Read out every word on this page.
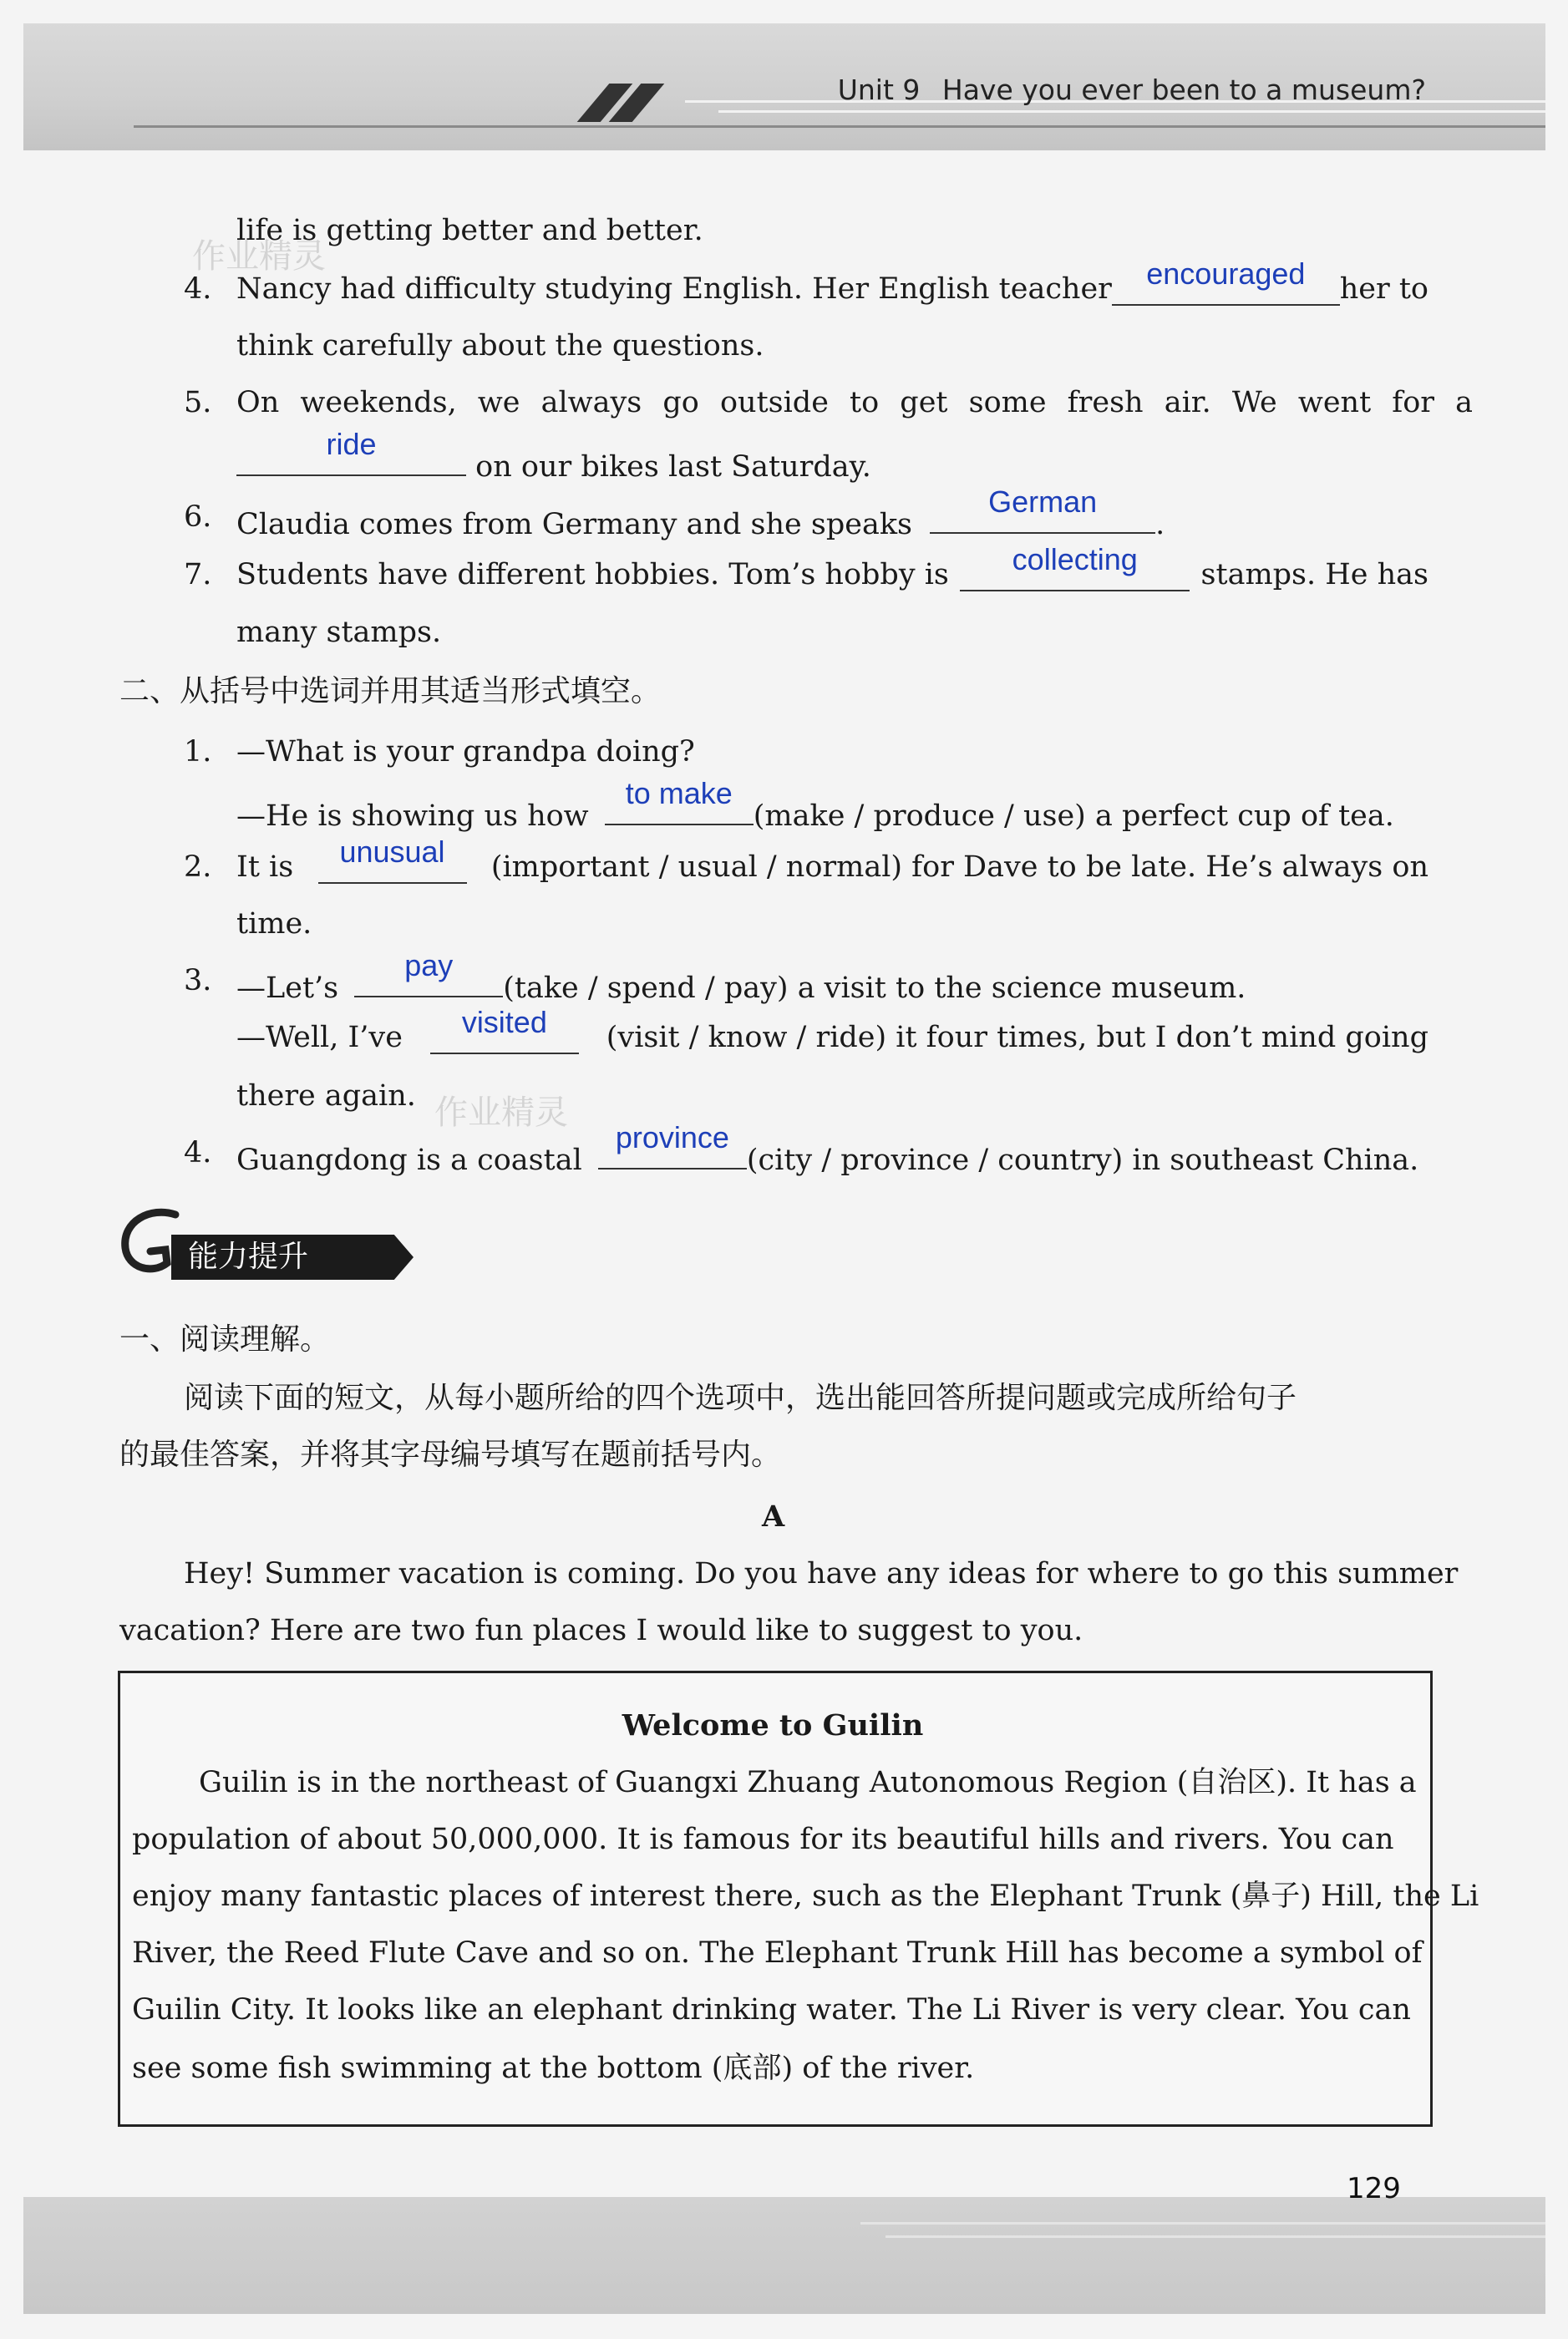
Unit 9 Have you ever been to a museum?
作业精灵
作业精灵
life is getting better and better.
4. Nancy had difficulty studying English. Her English teacher	encouraged	her to
think carefully about the questions.
5. On weekends, we always go outside to get some fresh air. We went for a
ride
on our bikes last Saturday.
6. Claudia comes from Germany and she speaks
German
.
7. Students have different hobbies. Tom’s hobby is	collecting	stamps. He has
many stamps.
二、从括号中选词并用其适当形式填空。
1. —What is your grandpa doing?
—He is showing us how
to make
(make / produce / use) a perfect cup of tea.
2. It is	unusual	(important / usual / normal) for Dave to be late. He’s always on
time.
3. —Let’s
pay
(take / spend / pay) a visit to the science museum.
—Well, I’ve	visited	(visit / know / ride) it four times, but I don’t mind going
there again.
4. Guangdong is a coastal
province
(city / province / country) in southeast China.
能力提升
一、阅读理解。
阅读下面的短文，从每小题所给的四个选项中，选出能回答所提问题或完成所给句子
的最佳答案，并将其字母编号填写在题前括号内。
A
Hey! Summer vacation is coming. Do you have any ideas for where to go this summer
vacation? Here are two fun places I would like to suggest to you.
Welcome to Guilin
Guilin is in the northeast of Guangxi Zhuang Autonomous Region (自治区). It has a
population of about 50,000,000. It is famous for its beautiful hills and rivers. You can
enjoy many fantastic places of interest there, such as the Elephant Trunk (鼻子) Hill, the Li
River, the Reed Flute Cave and so on. The Elephant Trunk Hill has become a symbol of
Guilin City. It looks like an elephant drinking water. The Li River is very clear. You can
see some fish swimming at the bottom (底部) of the river.
129
